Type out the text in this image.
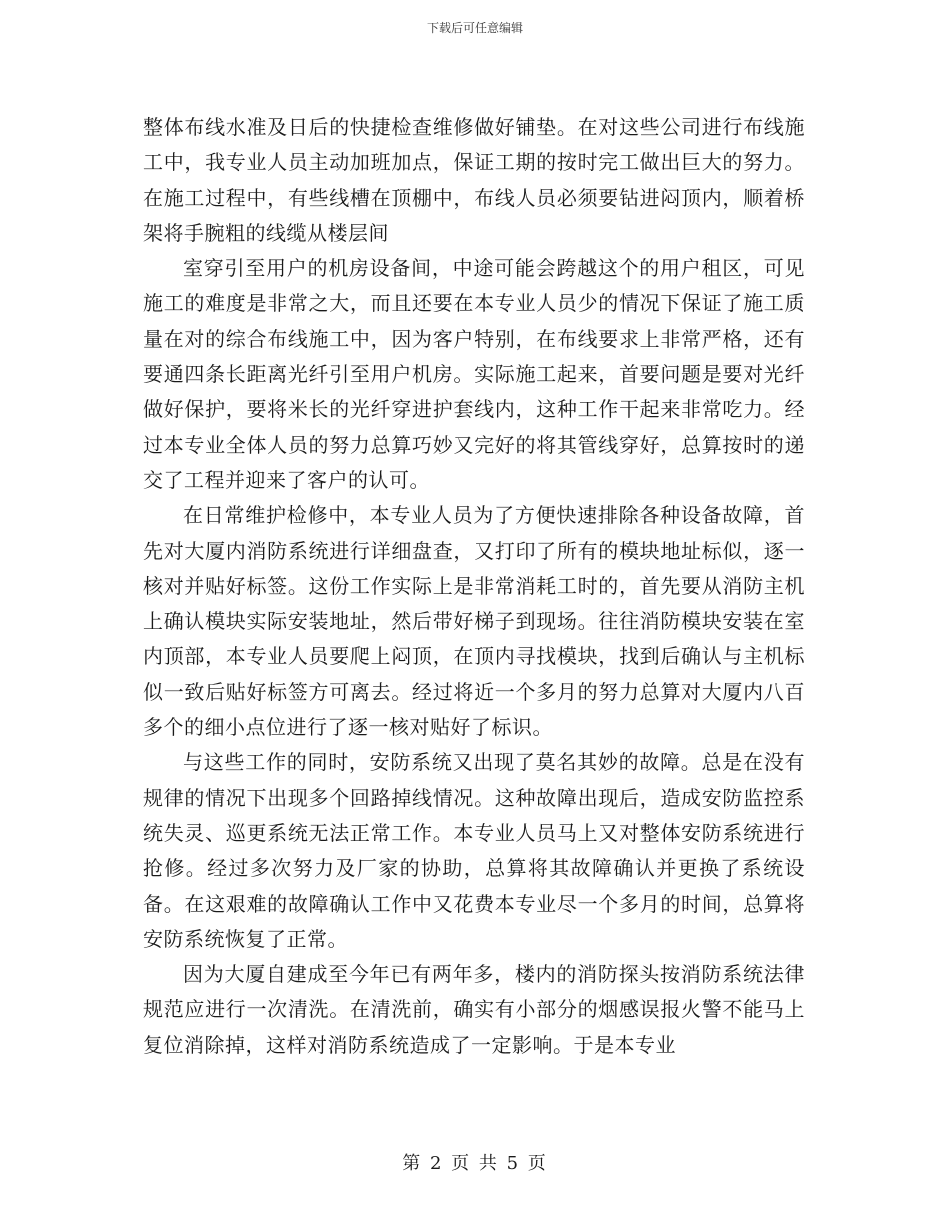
下载后可任意编辑

整体布线水准及日后的快捷检查维修做好铺垫。在对这些公司进行布线施工中，我专业人员主动加班加点，保证工期的按时完工做出巨大的努力。在施工过程中，有些线槽在顶棚中，布线人员必须要钻进闷顶内，顺着桥架将手腕粗的线缆从楼层间

室穿引至用户的机房设备间，中途可能会跨越这个的用户租区，可见施工的难度是非常之大，而且还要在本专业人员少的情况下保证了施工质量在对的综合布线施工中，因为客户特别，在布线要求上非常严格，还有要通四条长距离光纤引至用户机房。实际施工起来，首要问题是要对光纤做好保护，要将米长的光纤穿进护套线内，这种工作干起来非常吃力。经过本专业全体人员的努力总算巧妙又完好的将其管线穿好，总算按时的递交了工程并迎来了客户的认可。

在日常维护检修中，本专业人员为了方便快速排除各种设备故障，首先对大厦内消防系统进行详细盘查，又打印了所有的模块地址标似，逐一核对并贴好标签。这份工作实际上是非常消耗工时的，首先要从消防主机上确认模块实际安装地址，然后带好梯子到现场。往往消防模块安装在室内顶部，本专业人员要爬上闷顶，在顶内寻找模块，找到后确认与主机标似一致后贴好标签方可离去。经过将近一个多月的努力总算对大厦内八百多个的细小点位进行了逐一核对贴好了标识。

与这些工作的同时，安防系统又出现了莫名其妙的故障。总是在没有规律的情况下出现多个回路掉线情况。这种故障出现后，造成安防监控系统失灵、巡更系统无法正常工作。本专业人员马上又对整体安防系统进行抢修。经过多次努力及厂家的协助，总算将其故障确认并更换了系统设备。在这艰难的故障确认工作中又花费本专业尽一个多月的时间，总算将安防系统恢复了正常。

因为大厦自建成至今年已有两年多，楼内的消防探头按消防系统法律规范应进行一次清洗。在清洗前，确实有小部分的烟感误报火警不能马上复位消除掉，这样对消防系统造成了一定影响。于是本专业

第 2 页 共 5 页
